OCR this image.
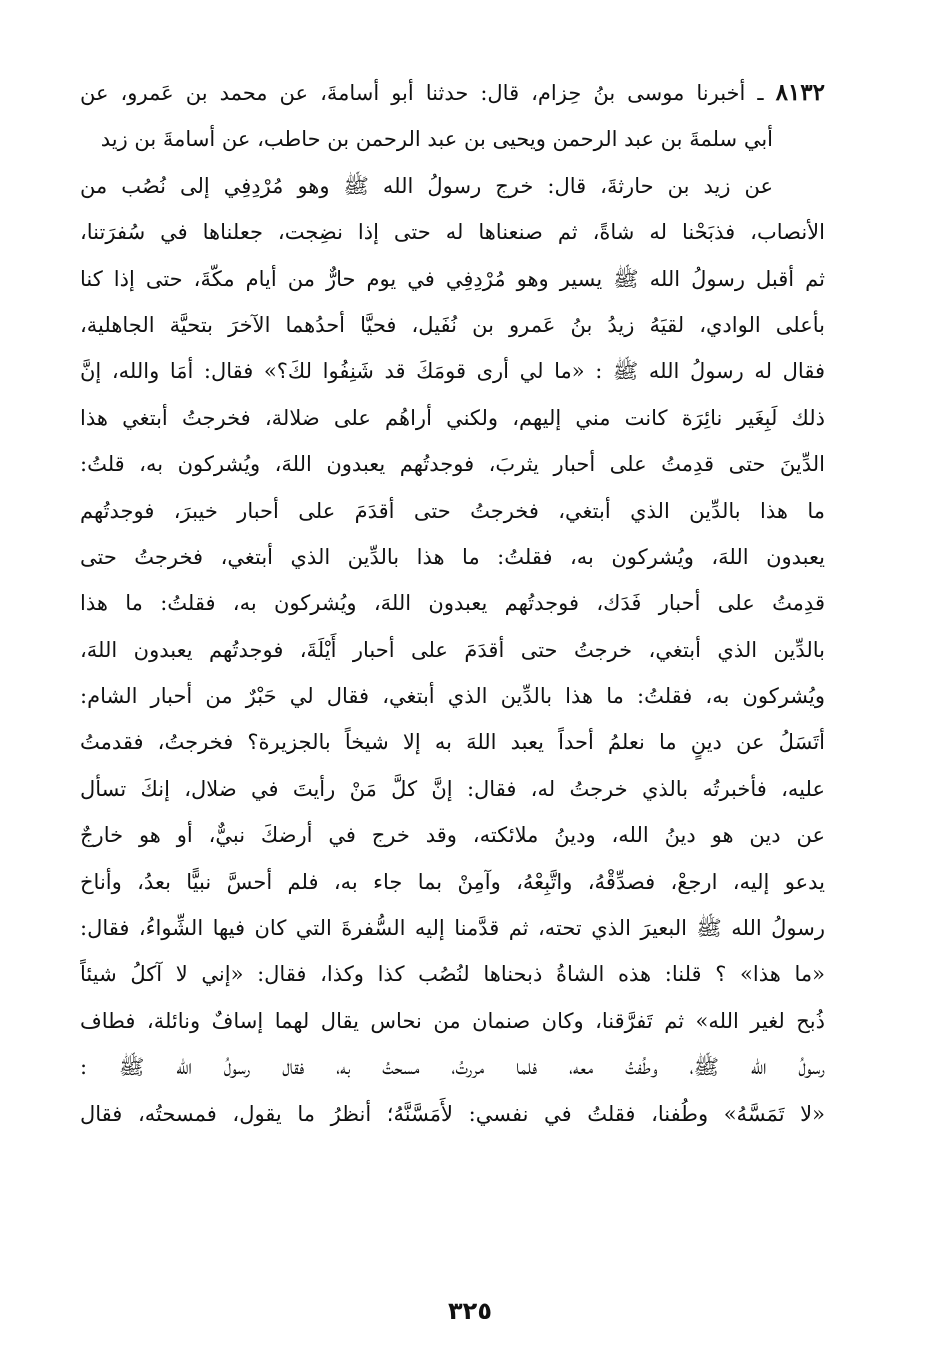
٨١٣٢ ـ أخبرنا موسى بنُ حِزام، قال: حدثنا أبو أسامةَ، عن محمد بن عَمرو، عن
أبي سلمةَ بن عبد الرحمن ويحيى بن عبد الرحمن بن حاطب، عن أسامةَ بن زيد
عن زيد بن حارثةَ، قال: خرج رسولُ الله ﷺ وهو مُرْدِفِي إلى نُصُب من
الأنصاب، فذبَحْنا له شاةً، ثم صنعناها له حتى إذا نضِجت، جعلناها في سُفرَتنا،
ثم أقبل رسولُ الله ﷺ يسير وهو مُرْدِفِي في يوم حارٌّ من أيام مكّةَ، حتى إذا كنا
بأعلى الوادي، لقيَهُ زيدُ بنُ عَمرو بن نُفَيل، فحيَّا أحدُهما الآخرَ بتحيَّة الجاهلية،
فقال له رسولُ الله ﷺ : «ما لي أرى قومَكَ قد شَنِفُوا لكَ؟» فقال: أمَا والله، إنَّ
ذلك لَبِغَير نائِرَة كانت مني إليهم، ولكني أراهُم على ضلالة، فخرجتُ أبتغي هذا
الدِّينَ حتى قدِمتُ على أحبار يثربَ، فوجدتُهم يعبدون اللهَ، ويُشركون به، قلتُ:
ما هذا بالدِّين الذي أبتغي، فخرجتُ حتى أقدَمَ على أحبار خيبرَ، فوجدتُهم
يعبدون اللهَ، ويُشركون به، فقلتُ: ما هذا بالدِّين الذي أبتغي، فخرجتُ حتى
قدِمتُ على أحبار فَدَك، فوجدتُهم يعبدون اللهَ، ويُشركون به، فقلتُ: ما هذا
بالدِّين الذي أبتغي، خرجتُ حتى أقدَمَ على أحبار أَيْلَةَ، فوجدتُهم يعبدون اللهَ،
ويُشركون به، فقلتُ: ما هذا بالدِّين الذي أبتغي، فقال لي حَبْرٌ من أحبار الشام:
أتَسَلُ عن دينٍ ما نعلمُ أحداً يعبد اللهَ به إلا شيخاً بالجزيرة؟ فخرجتُ، فقدمتُ
عليه، فأخبرتُه بالذي خرجتُ له، فقال: إنَّ كلَّ مَنْ رأيتَ في ضلال، إنكَ تسأل
عن دين هو دينُ الله، ودينُ ملائكته، وقد خرج في أرضكَ نبيٌّ، أو هو خارجٌ
يدعو إليه، ارجعْ، فصدِّقْهُ، واتَّبِعْهُ، وآمِنْ بما جاء به، فلم أحسَّ نبيًّا بعدُ، وأناخ
رسولُ الله ﷺ البعيرَ الذي تحته، ثم قدَّمنا إليه السُّفرةَ التي كان فيها الشِّواءُ، فقال:
«ما هذا» ؟ قلنا: هذه الشاةُ ذبحناها لنُصُب كذا وكذا، فقال: «إني لا آكلُ شيئاً
ذُبح لغير الله» ثم تَفرَّقنا، وكان صنمان من نحاس يقال لهما إسافٌ ونائلة، فطاف
رسولُ الله ﷺ، وطُفتُ معه، فلما مررتُ، مسحتُ به، فقال رسولُ الله ﷺ :
«لا تَمَسَّهُ» وطُفنا، فقلتُ في نفسي: لأَمَسَّنَّهُ؛ أنظرُ ما يقول، فمسحتُه، فقال
٣٢٥
